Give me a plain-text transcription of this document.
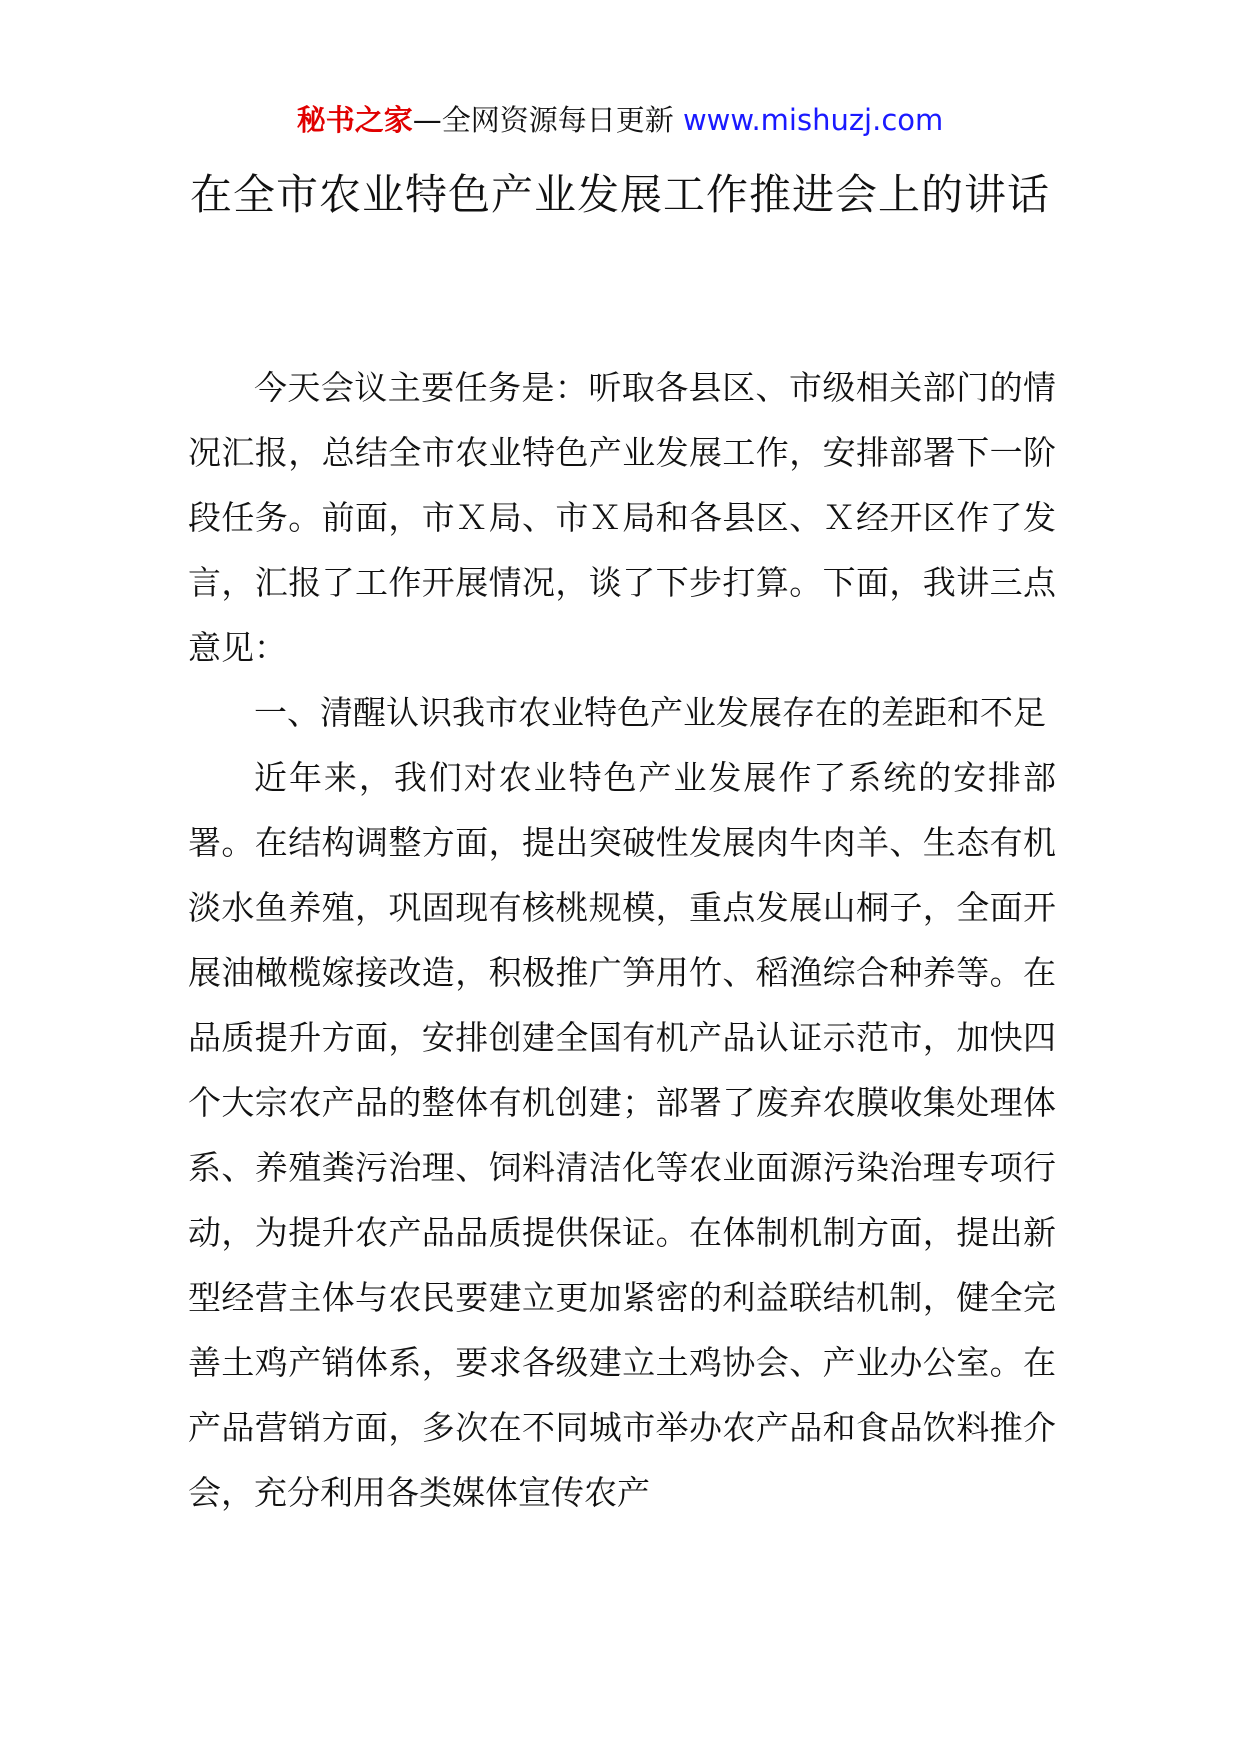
秘书之家—全网资源每日更新 www.mishuzj.com
在全市农业特色产业发展工作推进会上的讲话

今天会议主要任务是：听取各县区、市级相关部门的情况汇报，总结全市农业特色产业发展工作，安排部署下一阶段任务。前面，市Ｘ局、市Ｘ局和各县区、Ｘ经开区作了发言，汇报了工作开展情况，谈了下步打算。下面，我讲三点意见：

一、清醒认识我市农业特色产业发展存在的差距和不足

近年来，我们对农业特色产业发展作了系统的安排部署。在结构调整方面，提出突破性发展肉牛肉羊、生态有机淡水鱼养殖，巩固现有核桃规模，重点发展山桐子，全面开展油橄榄嫁接改造，积极推广笋用竹、稻渔综合种养等。在品质提升方面，安排创建全国有机产品认证示范市，加快四个大宗农产品的整体有机创建；部署了废弃农膜收集处理体系、养殖粪污治理、饲料清洁化等农业面源污染治理专项行动，为提升农产品品质提供保证。在体制机制方面，提出新型经营主体与农民要建立更加紧密的利益联结机制，健全完善土鸡产销体系，要求各级建立土鸡协会、产业办公室。在产品营销方面，多次在不同城市举办农产品和食品饮料推介会，充分利用各类媒体宣传农产
